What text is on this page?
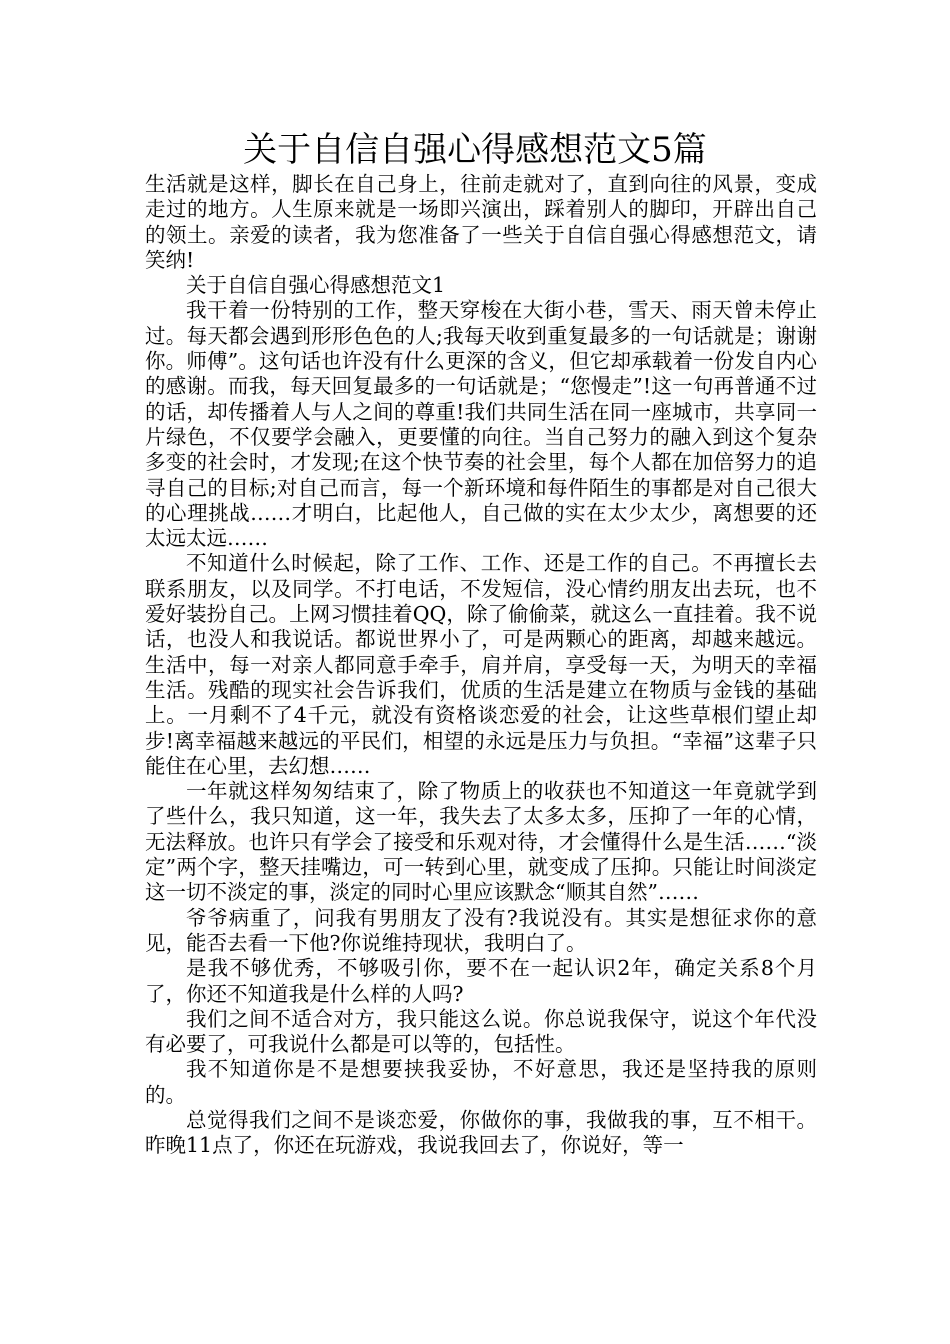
关于自信自强心得感想范文5篇

生活就是这样，脚长在自己身上，往前走就对了，直到向往的风景，变成走过的地方。人生原来就是一场即兴演出，踩着别人的脚印，开辟出自己的领土。亲爱的读者，我为您准备了一些关于自信自强心得感想范文，请笑纳!

关于自信自强心得感想范文1

我干着一份特别的工作，整天穿梭在大街小巷，雪天、雨天曾未停止过。每天都会遇到形形色色的人;我每天收到重复最多的一句话就是；谢谢你。师傅”。这句话也许没有什么更深的含义，但它却承载着一份发自内心的感谢。而我，每天回复最多的一句话就是；“您慢走”!这一句再普通不过的话，却传播着人与人之间的尊重!我们共同生活在同一座城市，共享同一片绿色，不仅要学会融入，更要懂的向往。当自己努力的融入到这个复杂多变的社会时，才发现;在这个快节奏的社会里，每个人都在加倍努力的追寻自己的目标;对自己而言，每一个新环境和每件陌生的事都是对自己很大的心理挑战……才明白，比起他人，自己做的实在太少太少，离想要的还太远太远……

不知道什么时候起，除了工作、工作、还是工作的自己。不再擅长去联系朋友，以及同学。不打电话，不发短信，没心情约朋友出去玩，也不爱好装扮自己。上网习惯挂着QQ，除了偷偷菜，就这么一直挂着。我不说话，也没人和我说话。都说世界小了，可是两颗心的距离，却越来越远。生活中，每一对亲人都同意手牵手，肩并肩，享受每一天，为明天的幸福生活。残酷的现实社会告诉我们，优质的生活是建立在物质与金钱的基础上。一月剩不了4千元，就没有资格谈恋爱的社会，让这些草根们望止却步!离幸福越来越远的平民们，相望的永远是压力与负担。“幸福”这辈子只能住在心里，去幻想……

一年就这样匆匆结束了，除了物质上的收获也不知道这一年竟就学到了些什么，我只知道，这一年，我失去了太多太多，压抑了一年的心情，无法释放。也许只有学会了接受和乐观对待，才会懂得什么是生活……“淡定”两个字，整天挂嘴边，可一转到心里，就变成了压抑。只能让时间淡定这一切不淡定的事，淡定的同时心里应该默念“顺其自然”……

爷爷病重了，问我有男朋友了没有?我说没有。其实是想征求你的意见，能否去看一下他?你说维持现状，我明白了。

是我不够优秀，不够吸引你，要不在一起认识2年，确定关系8个月了，你还不知道我是什么样的人吗?

我们之间不适合对方，我只能这么说。你总说我保守，说这个年代没有必要了，可我说什么都是可以等的，包括性。

我不知道你是不是想要挟我妥协，不好意思，我还是坚持我的原则的。

总觉得我们之间不是谈恋爱，你做你的事，我做我的事，互不相干。昨晚11点了，你还在玩游戏，我说我回去了，你说好，等一
